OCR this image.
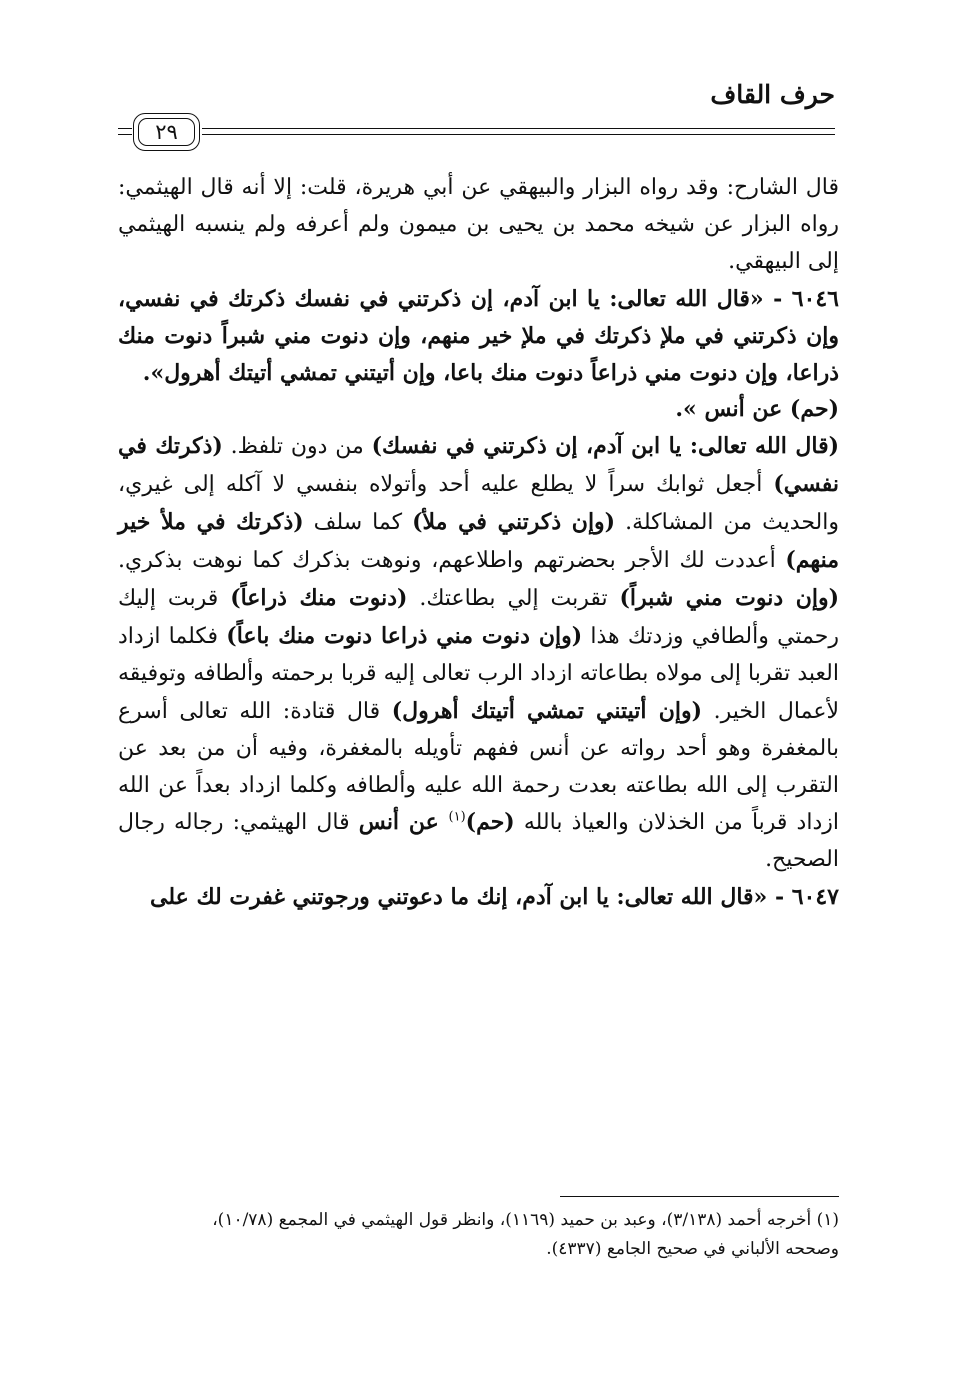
حرف القاف
٢٩

قال الشارح: وقد رواه البزار والبيهقي عن أبي هريرة، قلت: إلا أنه قال الهيثمي: رواه البزار عن شيخه محمد بن يحيى بن ميمون ولم أعرفه ولم ينسبه الهيثمي إلى البيهقي.

٦٠٤٦ - «قال الله تعالى: يا ابن آدم، إن ذكرتني في نفسك ذكرتك في نفسي، وإن ذكرتني في ملإ ذكرتك في ملإ خير منهم، وإن دنوت مني شبراً دنوت منك ذراعا، وإن دنوت مني ذراعاً دنوت منك باعا، وإن أتيتني تمشي أتيتك أهرول».

(حم) عن أنس ».

(قال الله تعالى: يا ابن آدم، إن ذكرتني في نفسك) من دون تلفظ. (ذكرتك في نفسي) أجعل ثوابك سراً لا يطلع عليه أحد وأتولاه بنفسي لا آكله إلى غيري، والحديث من المشاكلة. (وإن ذكرتني في ملأ) كما سلف (ذكرتك في ملأ خير منهم) أعددت لك الأجر بحضرتهم واطلاعهم، ونوهت بذكرك كما نوهت بذكري. (وإن دنوت مني شبراً) تقربت إلي بطاعتك. (دنوت منك ذراعاً) قربت إليك رحمتي وألطافي وزدتك هذا (وإن دنوت مني ذراعا دنوت منك باعاً) فكلما ازداد العبد تقربا إلى مولاه بطاعاته ازداد الرب تعالى إليه قربا برحمته وألطافه وتوفيقه لأعمال الخير. (وإن أتيتني تمشي أتيتك أهرول) قال قتادة: الله تعالى أسرع بالمغفرة وهو أحد رواته عن أنس ففهم تأويله بالمغفرة، وفيه أن من بعد عن التقرب إلى الله بطاعته بعدت رحمة الله عليه وألطافه وكلما ازداد بعداً عن الله ازداد قرباً من الخذلان والعياذ بالله (حم)$^{(١)}$ عن أنس قال الهيثمي: رجاله رجال الصحيح.

٦٠٤٧ - «قال الله تعالى: يا ابن آدم، إنك ما دعوتني ورجوتني غفرت لك على

(١) أخرجه أحمد (٣/١٣٨)، وعبد بن حميد (١١٦٩)، وانظر قول الهيثمي في المجمع (١٠/٧٨)،

وصححه الألباني في صحيح الجامع (٤٣٣٧).
